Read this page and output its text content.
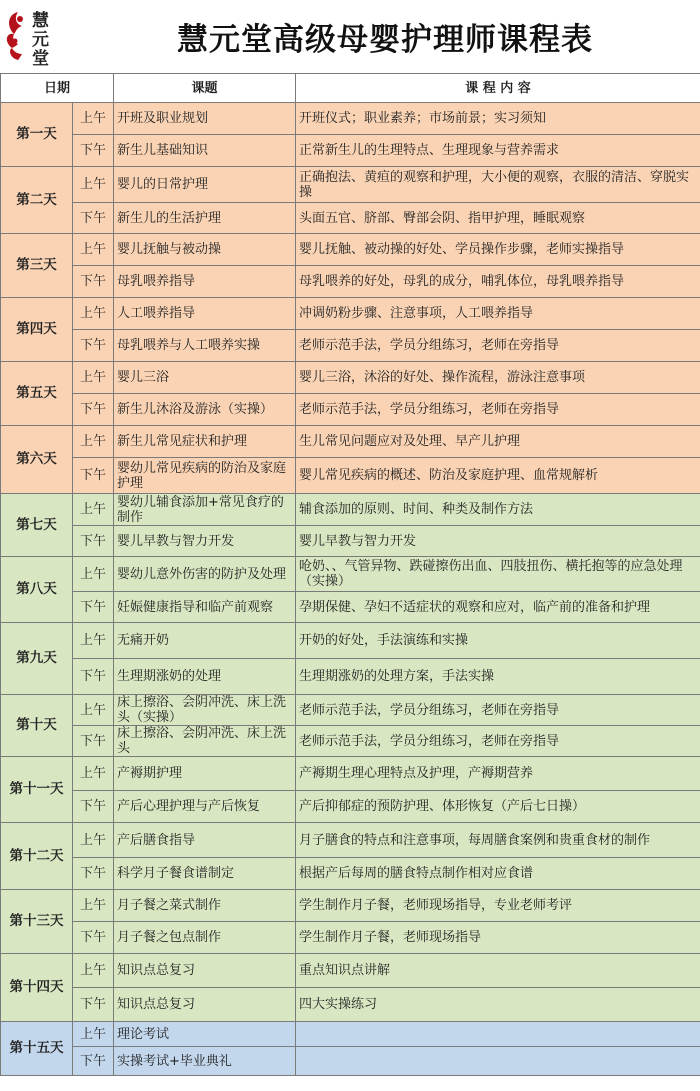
慧
元
堂
慧元堂高级母婴护理师课程表
日期		课题	课 程 内 容
第一天	上午	开班及职业规划	开班仪式；职业素养；市场前景；实习须知
	下午	新生儿基础知识	正常新生儿的生理特点、生理现象与营养需求
第二天	上午	婴儿的日常护理	正确抱法、黄疸的观察和护理，大小便的观察，衣服的清洁、穿脱实操
	下午	新生儿的生活护理	头面五官、脐部、臀部会阴、指甲护理，睡眠观察
第三天	上午	婴儿抚触与被动操	婴儿抚触、被动操的好处、学员操作步骤，老师实操指导
	下午	母乳喂养指导	母乳喂养的好处，母乳的成分，哺乳体位，母乳喂养指导
第四天	上午	人工喂养指导	冲调奶粉步骤、注意事项，人工喂养指导
	下午	母乳喂养与人工喂养实操	老师示范手法，学员分组练习，老师在旁指导
第五天	上午	婴儿三浴	婴儿三浴，沐浴的好处、操作流程，游泳注意事项
	下午	新生儿沐浴及游泳（实操）	老师示范手法，学员分组练习，老师在旁指导
第六天	上午	新生儿常见症状和护理	生儿常见问题应对及处理、早产儿护理
	下午	婴幼儿常见疾病的防治及家庭护理	婴儿常见疾病的概述、防治及家庭护理、血常规解析
第七天	上午	婴幼儿辅食添加+常见食疗的制作	辅食添加的原则、时间、种类及制作方法
	下午	婴儿早教与智力开发	婴儿早教与智力开发
第八天	上午	婴幼儿意外伤害的防护及处理	呛奶、、气管异物、跌碰擦伤出血、四肢扭伤、横托抱等的应急处理（实操）
	下午	妊娠健康指导和临产前观察	孕期保健、孕妇不适症状的观察和应对，临产前的准备和护理
第九天	上午	无痛开奶	开奶的好处，手法演练和实操
	下午	生理期涨奶的处理	生理期涨奶的处理方案，手法实操
第十天	上午	床上擦浴、会阴冲洗、床上洗头（实操）	老师示范手法，学员分组练习，老师在旁指导
	下午	床上擦浴、会阴冲洗、床上洗头	老师示范手法，学员分组练习，老师在旁指导
第十一天	上午	产褥期护理	产褥期生理心理特点及护理，产褥期营养
	下午	产后心理护理与产后恢复	产后抑郁症的预防护理、体形恢复（产后七日操）
第十二天	上午	产后膳食指导	月子膳食的特点和注意事项，每周膳食案例和贵重食材的制作
	下午	科学月子餐食谱制定	根据产后每周的膳食特点制作相对应食谱
第十三天	上午	月子餐之菜式制作	学生制作月子餐，老师现场指导，专业老师考评
	下午	月子餐之包点制作	学生制作月子餐，老师现场指导
第十四天	上午	知识点总复习	重点知识点讲解
	下午	知识点总复习	四大实操练习
第十五天	上午	理论考试	
	下午	实操考试+毕业典礼	
